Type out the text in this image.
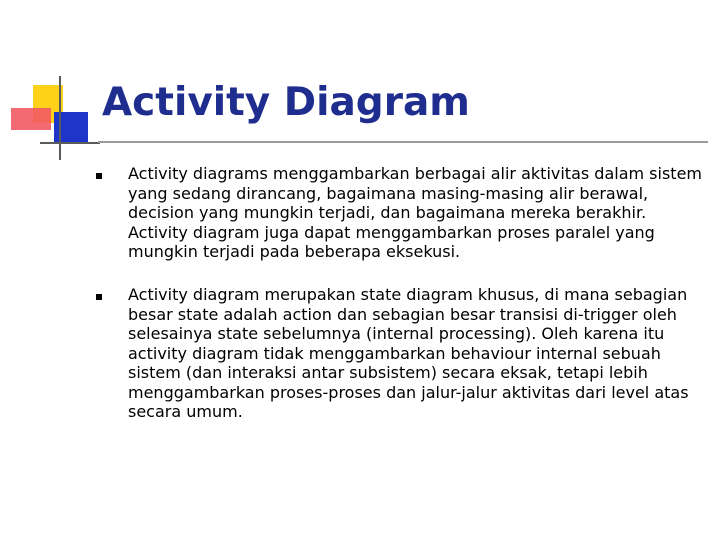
Activity Diagram

Activity diagrams menggambarkan berbagai alir aktivitas dalam sistem yang sedang dirancang, bagaimana masing-masing alir berawal, decision yang mungkin terjadi, dan bagaimana mereka berakhir. Activity diagram juga dapat menggambarkan proses paralel yang mungkin terjadi pada beberapa eksekusi.

Activity diagram merupakan state diagram khusus, di mana sebagian besar state adalah action dan sebagian besar transisi di-trigger oleh selesainya state sebelumnya (internal processing). Oleh karena itu activity diagram tidak menggambarkan behaviour internal sebuah sistem (dan interaksi antar subsistem) secara eksak, tetapi lebih menggambarkan proses-proses dan jalur-jalur aktivitas dari level atas secara umum.
